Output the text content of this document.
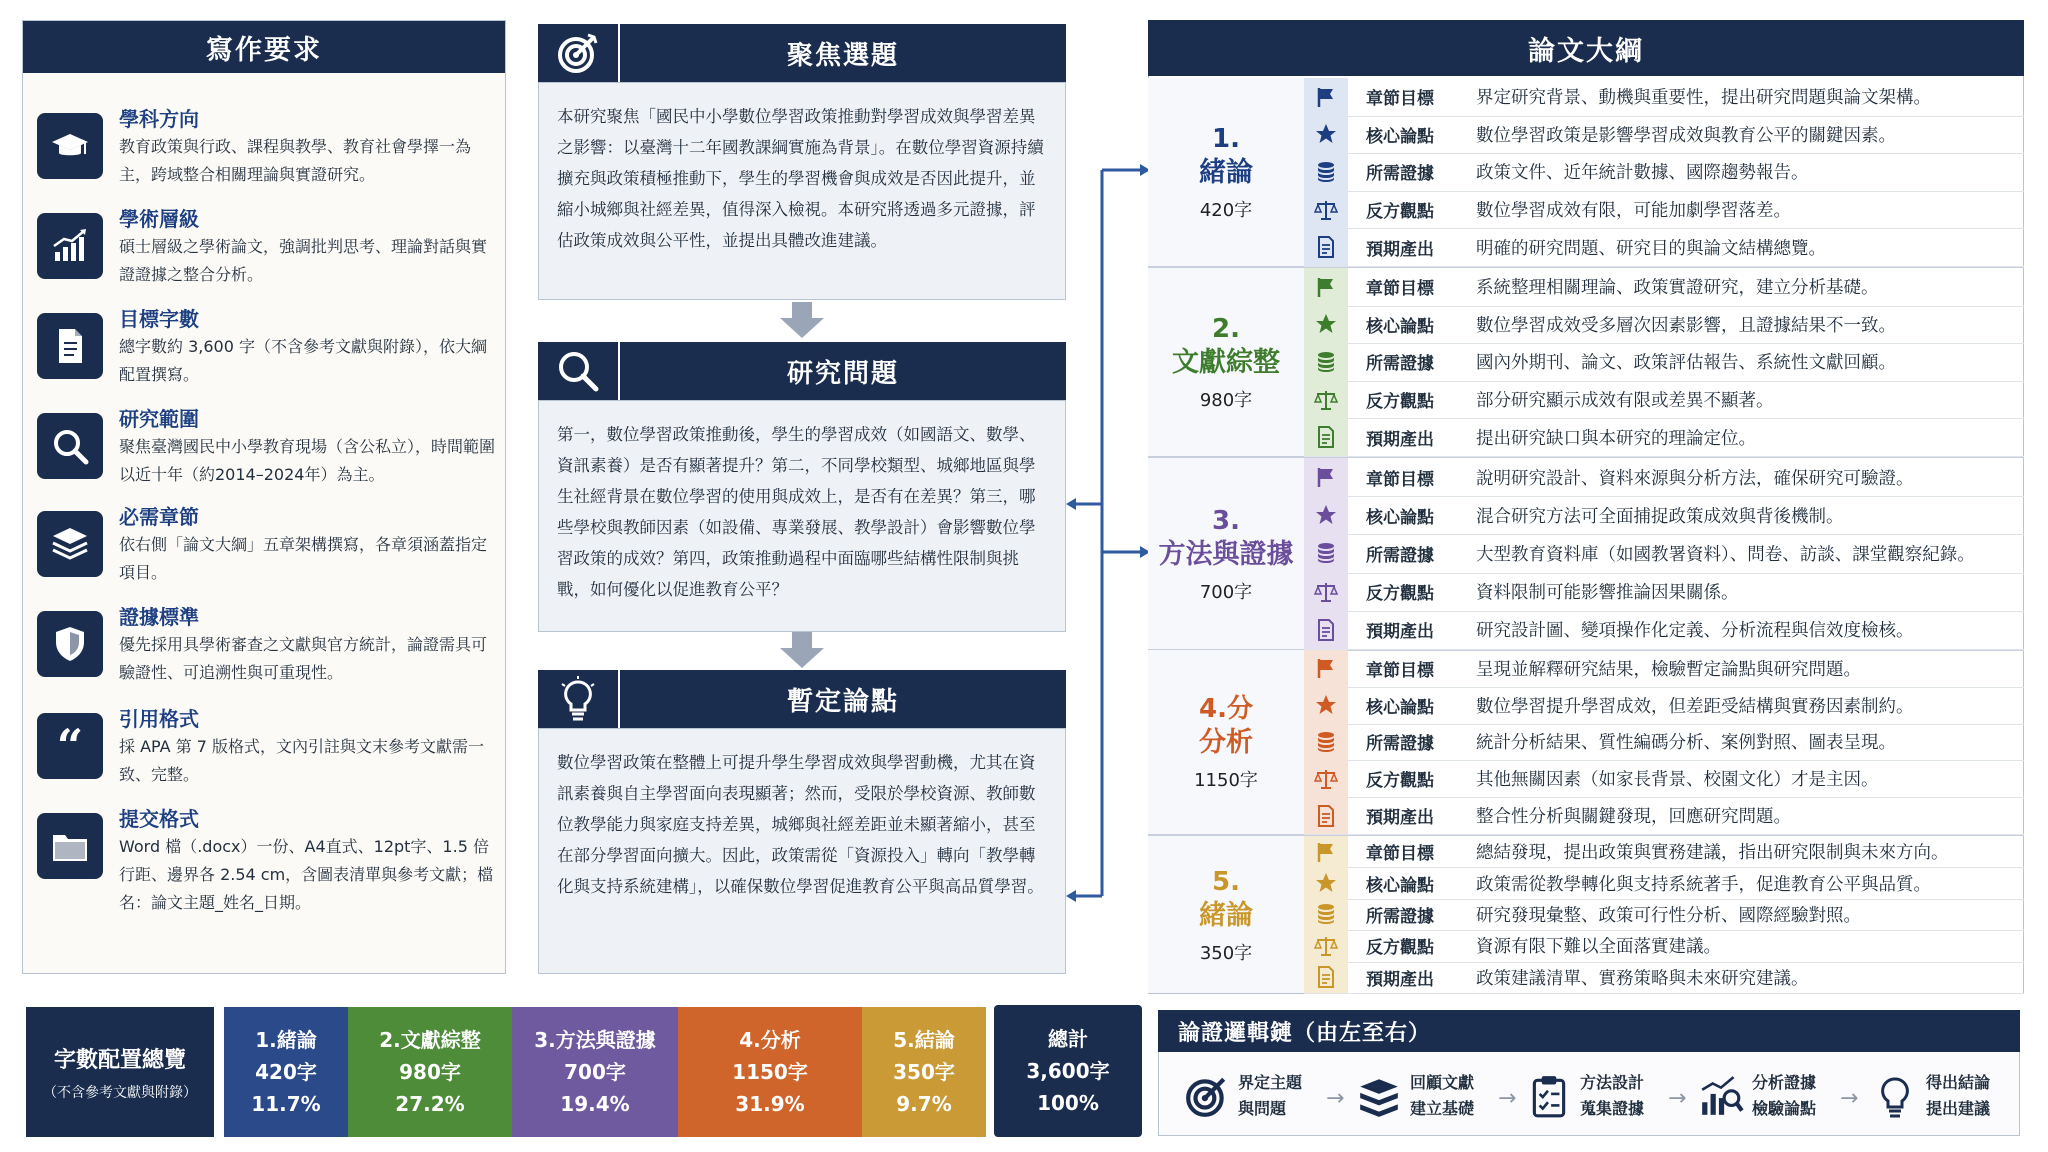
寫作要求
學科方向
教育政策與行政、課程與教學、教育社會學擇一為主，跨域整合相關理論與實證研究。
學術層級
碩士層級之學術論文，強調批判思考、理論對話與實證證據之整合分析。
目標字數
總字數約 3,600 字（不含參考文獻與附錄），依大綱配置撰寫。
研究範圍
聚焦臺灣國民中小學教育現場（含公私立），時間範圍以近十年（約2014–2024年）為主。
必需章節
依右側「論文大綱」五章架構撰寫，各章須涵蓋指定項目。
證據標準
優先採用具學術審查之文獻與官方統計，論證需具可驗證性、可追溯性與可重現性。
“ 引用格式
採 APA 第 7 版格式，文內引註與文末參考文獻需一致、完整。
提交格式
Word 檔（.docx）一份、A4直式、12pt字、1.5 倍行距、邊界各 2.54 cm，含圖表清單與參考文獻；檔名：論文主題_姓名_日期。
聚焦選題
本研究聚焦「國民中小學數位學習政策推動對學習成效與學習差異之影響：以臺灣十二年國教課綱實施為背景」。在數位學習資源持續擴充與政策積極推動下，學生的學習機會與成效是否因此提升，並縮小城鄉與社經差異，值得深入檢視。本研究將透過多元證據，評估政策成效與公平性，並提出具體改進建議。
研究問題
第一，數位學習政策推動後，學生的學習成效（如國語文、數學、資訊素養）是否有顯著提升？第二，不同學校類型、城鄉地區與學生社經背景在數位學習的使用與成效上，是否有在差異？第三，哪些學校與教師因素（如設備、專業發展、教學設計）會影響數位學習政策的成效？第四，政策推動過程中面臨哪些結構性限制與挑戰，如何優化以促進教育公平？
暫定論點
數位學習政策在整體上可提升學生學習成效與學習動機，尤其在資訊素養與自主學習面向表現顯著；然而，受限於學校資源、教師數位教學能力與家庭支持差異，城鄉與社經差距並未顯著縮小，甚至在部分學習面向擴大。因此，政策需從「資源投入」轉向「教學轉化與支持系統建構」，以確保數位學習促進教育公平與高品質學習。
論文大綱
1.
緒論
420字
章節目標	界定研究背景、動機與重要性，提出研究問題與論文架構。
核心論點	數位學習政策是影響學習成效與教育公平的關鍵因素。
所需證據	政策文件、近年統計數據、國際趨勢報告。
反方觀點	數位學習成效有限，可能加劇學習落差。
預期產出	明確的研究問題、研究目的與論文結構總覽。
2.
文獻綜整
980字
章節目標	系統整理相關理論、政策實證研究，建立分析基礎。
核心論點	數位學習成效受多層次因素影響，且證據結果不一致。
所需證據	國內外期刊、論文、政策評估報告、系統性文獻回顧。
反方觀點	部分研究顯示成效有限或差異不顯著。
預期產出	提出研究缺口與本研究的理論定位。
3.
方法與證據
700字
章節目標	說明研究設計、資料來源與分析方法，確保研究可驗證。
核心論點	混合研究方法可全面捕捉政策成效與背後機制。
所需證據	大型教育資料庫（如國教署資料）、問卷、訪談、課堂觀察紀錄。
反方觀點	資料限制可能影響推論因果關係。
預期產出	研究設計圖、變項操作化定義、分析流程與信效度檢核。
4.分
分析
1150字
章節目標	呈現並解釋研究結果，檢驗暫定論點與研究問題。
核心論點	數位學習提升學習成效，但差距受結構與實務因素制約。
所需證據	統計分析結果、質性編碼分析、案例對照、圖表呈現。
反方觀點	其他無關因素（如家長背景、校園文化）才是主因。
預期產出	整合性分析與關鍵發現，回應研究問題。
5.
緒論
350字
章節目標	總結發現，提出政策與實務建議，指出研究限制與未來方向。
核心論點	政策需從教學轉化與支持系統著手，促進教育公平與品質。
所需證據	研究發現彙整、政策可行性分析、國際經驗對照。
反方觀點	資源有限下難以全面落實建議。
預期產出	政策建議清單、實務策略與未來研究建議。
字數配置總覽
（不含參考文獻與附錄）
1.緒論
420字
11.7%
2.文獻綜整
980字
27.2%
3.方法與證據
700字
19.4%
4.分析
1150字
31.9%
5.結論
350字
9.7%
總計
3,600字
100%
論證邏輯鏈（由左至右）
界定主題
與問題	→
回顧文獻
建立基礎 →
方法設計
蒐集證據 →
分析證據
檢驗論點 →
得出結論
提出建議
